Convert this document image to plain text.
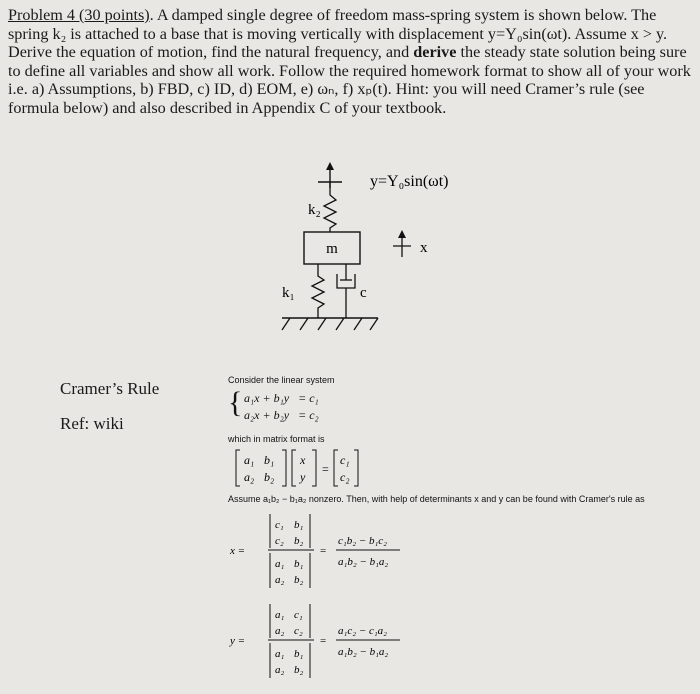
Problem 4 (30 points). A damped single degree of freedom mass-spring system is shown below. The spring k₂ is attached to a base that is moving vertically with displacement y=Y₀sin(ωt). Assume x > y. Derive the equation of motion, find the natural frequency, and derive the steady state solution being sure to define all variables and show all work. Follow the required homework format to show all of your work i.e. a) Assumptions, b) FBD, c) ID, d) EOM, e) ωₙ, f) xₚ(t). Hint: you will need Cramer’s rule (see formula below) and also described in Appendix C of your textbook.
y=Y₀sin(ωt)
k₂
m	x
k₁	c
Cramer’s Rule
Ref: wiki
Consider the linear system
{ a₁x + b₁y = c₁
a₂x + b₂y = c₂
which in matrix format is
a₁ b₁
a₂ b₂
x
y
c₁
c₂
=
Assume a₁b₂ − b₁a₂ nonzero. Then, with help of determinants x and y can be found with Cramer's rule as
x =
c₁ b₁
c₂ b₂
a₁ b₁
a₂ b₂
=
c₁b₂ − b₁c₂
a₁b₂ − b₁a₂
y =
a₁ c₁
a₂ c₂
a₁ b₁
a₂ b₂
=
a₁c₂ − c₁a₂
a₁b₂ − b₁a₂
